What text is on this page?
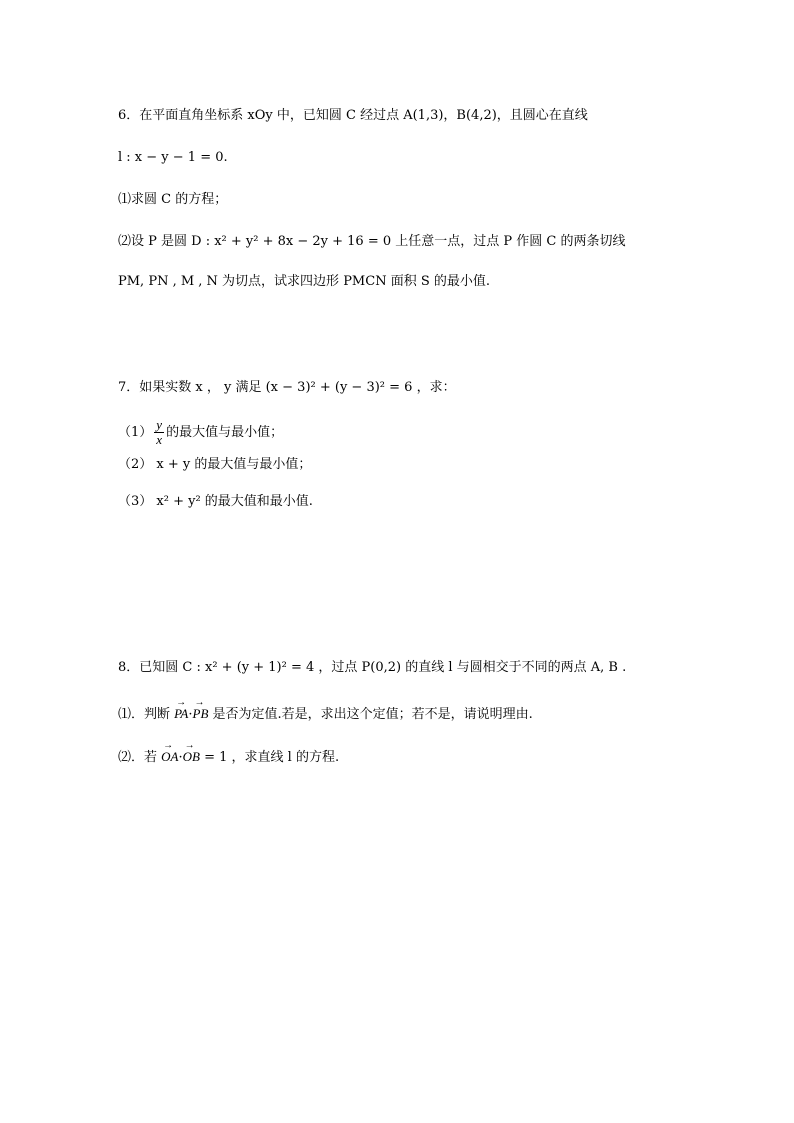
6．在平面直角坐标系 xOy 中，已知圆 C 经过点 A(1,3)，B(4,2)，且圆心在直线
l : x − y − 1 = 0.
⑴求圆 C 的方程；
⑵设 P 是圆 D : x² + y² + 8x − 2y + 16 = 0 上任意一点，过点 P 作圆 C 的两条切线
PM, PN , M , N 为切点，试求四边形 PMCN 面积 S 的最小值.
7．如果实数 x ， y 满足 (x − 3)² + (y − 3)² = 6 ，求：
$(1) \frac{y}{x}$ 的最大值与最小值；
（2） x + y 的最大值与最小值；
（3） x² + y² 的最大值和最小值.
8．已知圆 C : x² + (y + 1)² = 4 ，过点 P(0,2) 的直线 l 与圆相交于不同的两点 A, B .
⑴．判断 → PA·→ PB 是否为定值.若是，求出这个定值；若不是，请说明理由.
⑵．若 → OA·→ OB = 1 ，求直线 l 的方程.
